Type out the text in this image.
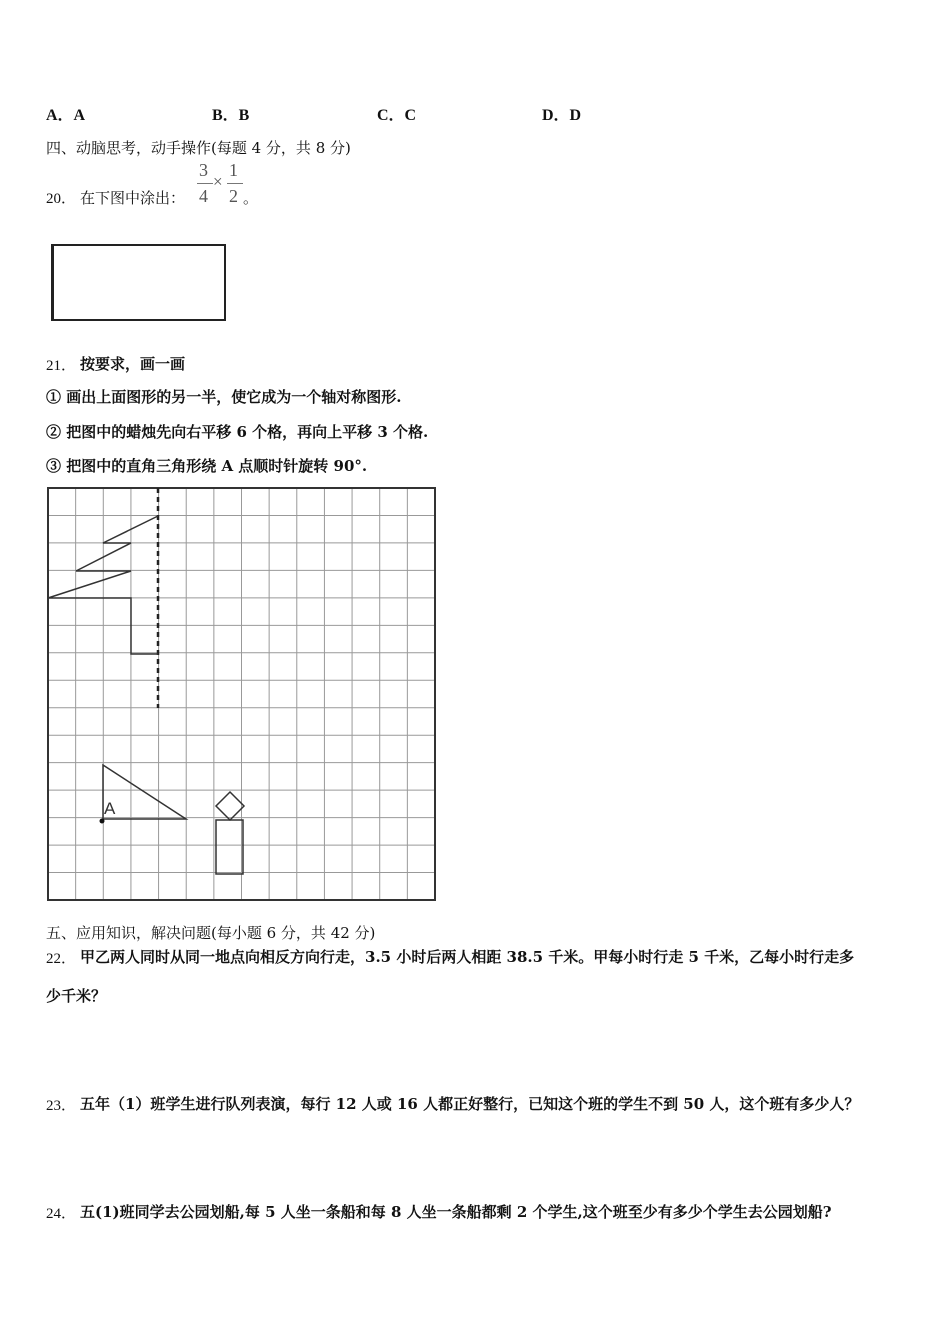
A．A	B．B	C．C	D．D
四、动脑思考，动手操作(每题 4 分，共 8 分)
20． 在下图中涂出：
3
4
×
1
2 。
21． 按要求，画一画
① 画出上面图形的另一半，使它成为一个轴对称图形.
② 把图中的蜡烛先向右平移 6 个格，再向上平移 3 个格.
③ 把图中的直角三角形绕 A 点顺时针旋转 90°.
A
五、应用知识，解决问题(每小题 6 分，共 42 分)
22． 甲乙两人同时从同一地点向相反方向行走，3.5 小时后两人相距 38.5 千米。甲每小时行走 5 千米，乙每小时行走多
少千米？
23． 五年（1）班学生进行队列表演，每行 12 人或 16 人都正好整行，已知这个班的学生不到 50 人，这个班有多少人？
24． 五(1)班同学去公园划船,每 5 人坐一条船和每 8 人坐一条船都剩 2 个学生,这个班至少有多少个学生去公园划船?
